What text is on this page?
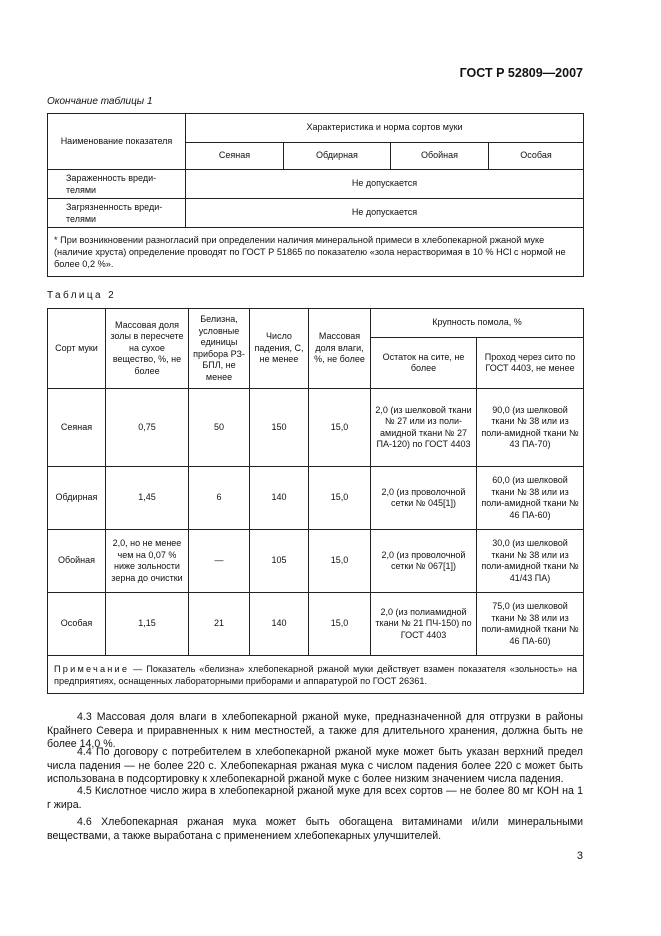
ГОСТ Р 52809—2007
Окончание таблицы 1
Наименование показателя	Характеристика и норма сортов муки			
	Сеяная	Обдирная	Обойная	Особая
Зараженность вреди-телями	Не допускается			
Загрязненность вреди-телями	Не допускается			
* При возникновении разногласий при определении наличия минеральной примеси в хлебопекарной ржаной муке (наличие хруста) определение проводят по ГОСТ Р 51865 по показателю «зола нерастворимая в 10 % HCl с нормой не более 0,2 %».				
Таблица 2
Сорт муки	Массовая доля золы в пересчете на сухое вещество, %, не более	Белизна, условные единицы прибора РЗ-БПЛ, не менее	Число падения, С, не менее	Массовая доля влаги, %, не более	Крупность помола, %	
					Остаток на сите, не более	Проход через сито по ГОСТ 4403, не менее
Сеяная	0,75	50	150	15,0	2,0 (из шелковой ткани № 27 или из поли-амидной ткани № 27 ПА-120) по ГОСТ 4403	90,0 (из шелковой ткани № 38 или из поли-амидной ткани № 43 ПА-70)
Обдирная	1,45	6	140	15,0	2,0 (из проволочной сетки № 045[1])	60,0 (из шелковой ткани № 38 или из поли-амидной ткани № 46 ПА-60)
Обойная	2,0, но не менее чем на 0,07 % ниже зольности зерна до очистки	—	105	15,0	2,0 (из проволочной сетки № 067[1])	30,0 (из шелковой ткани № 38 или из поли-амидной ткани № 41/43 ПА)
Особая	1,15	21	140	15,0	2,0 (из полиамидной ткани № 21 ПЧ-150) по ГОСТ 4403	75,0 (из шелковой ткани № 38 или из поли-амидной ткани № 46 ПА-60)
Примечание — Показатель «белизна» хлебопекарной ржаной муки действует взамен показателя «зольность» на предприятиях, оснащенных лабораторными приборами и аппаратурой по ГОСТ 26361.						
4.3 Массовая доля влаги в хлебопекарной ржаной муке, предназначенной для отгрузки в районы Крайнего Севера и приравненных к ним местностей, а также для длительного хранения, должна быть не более 14,0 %.
4.4 По договору с потребителем в хлебопекарной ржаной муке может быть указан верхний предел числа падения — не более 220 с. Хлебопекарная ржаная мука с числом падения более 220 с может быть использована в подсортировку к хлебопекарной ржаной муке с более низким значением числа падения.
4.5 Кислотное число жира в хлебопекарной ржаной муке для всех сортов — не более 80 мг КОН на 1 г жира.
4.6 Хлебопекарная ржаная мука может быть обогащена витаминами и/или минеральными веществами, а также выработана с применением хлебопекарных улучшителей.
3
